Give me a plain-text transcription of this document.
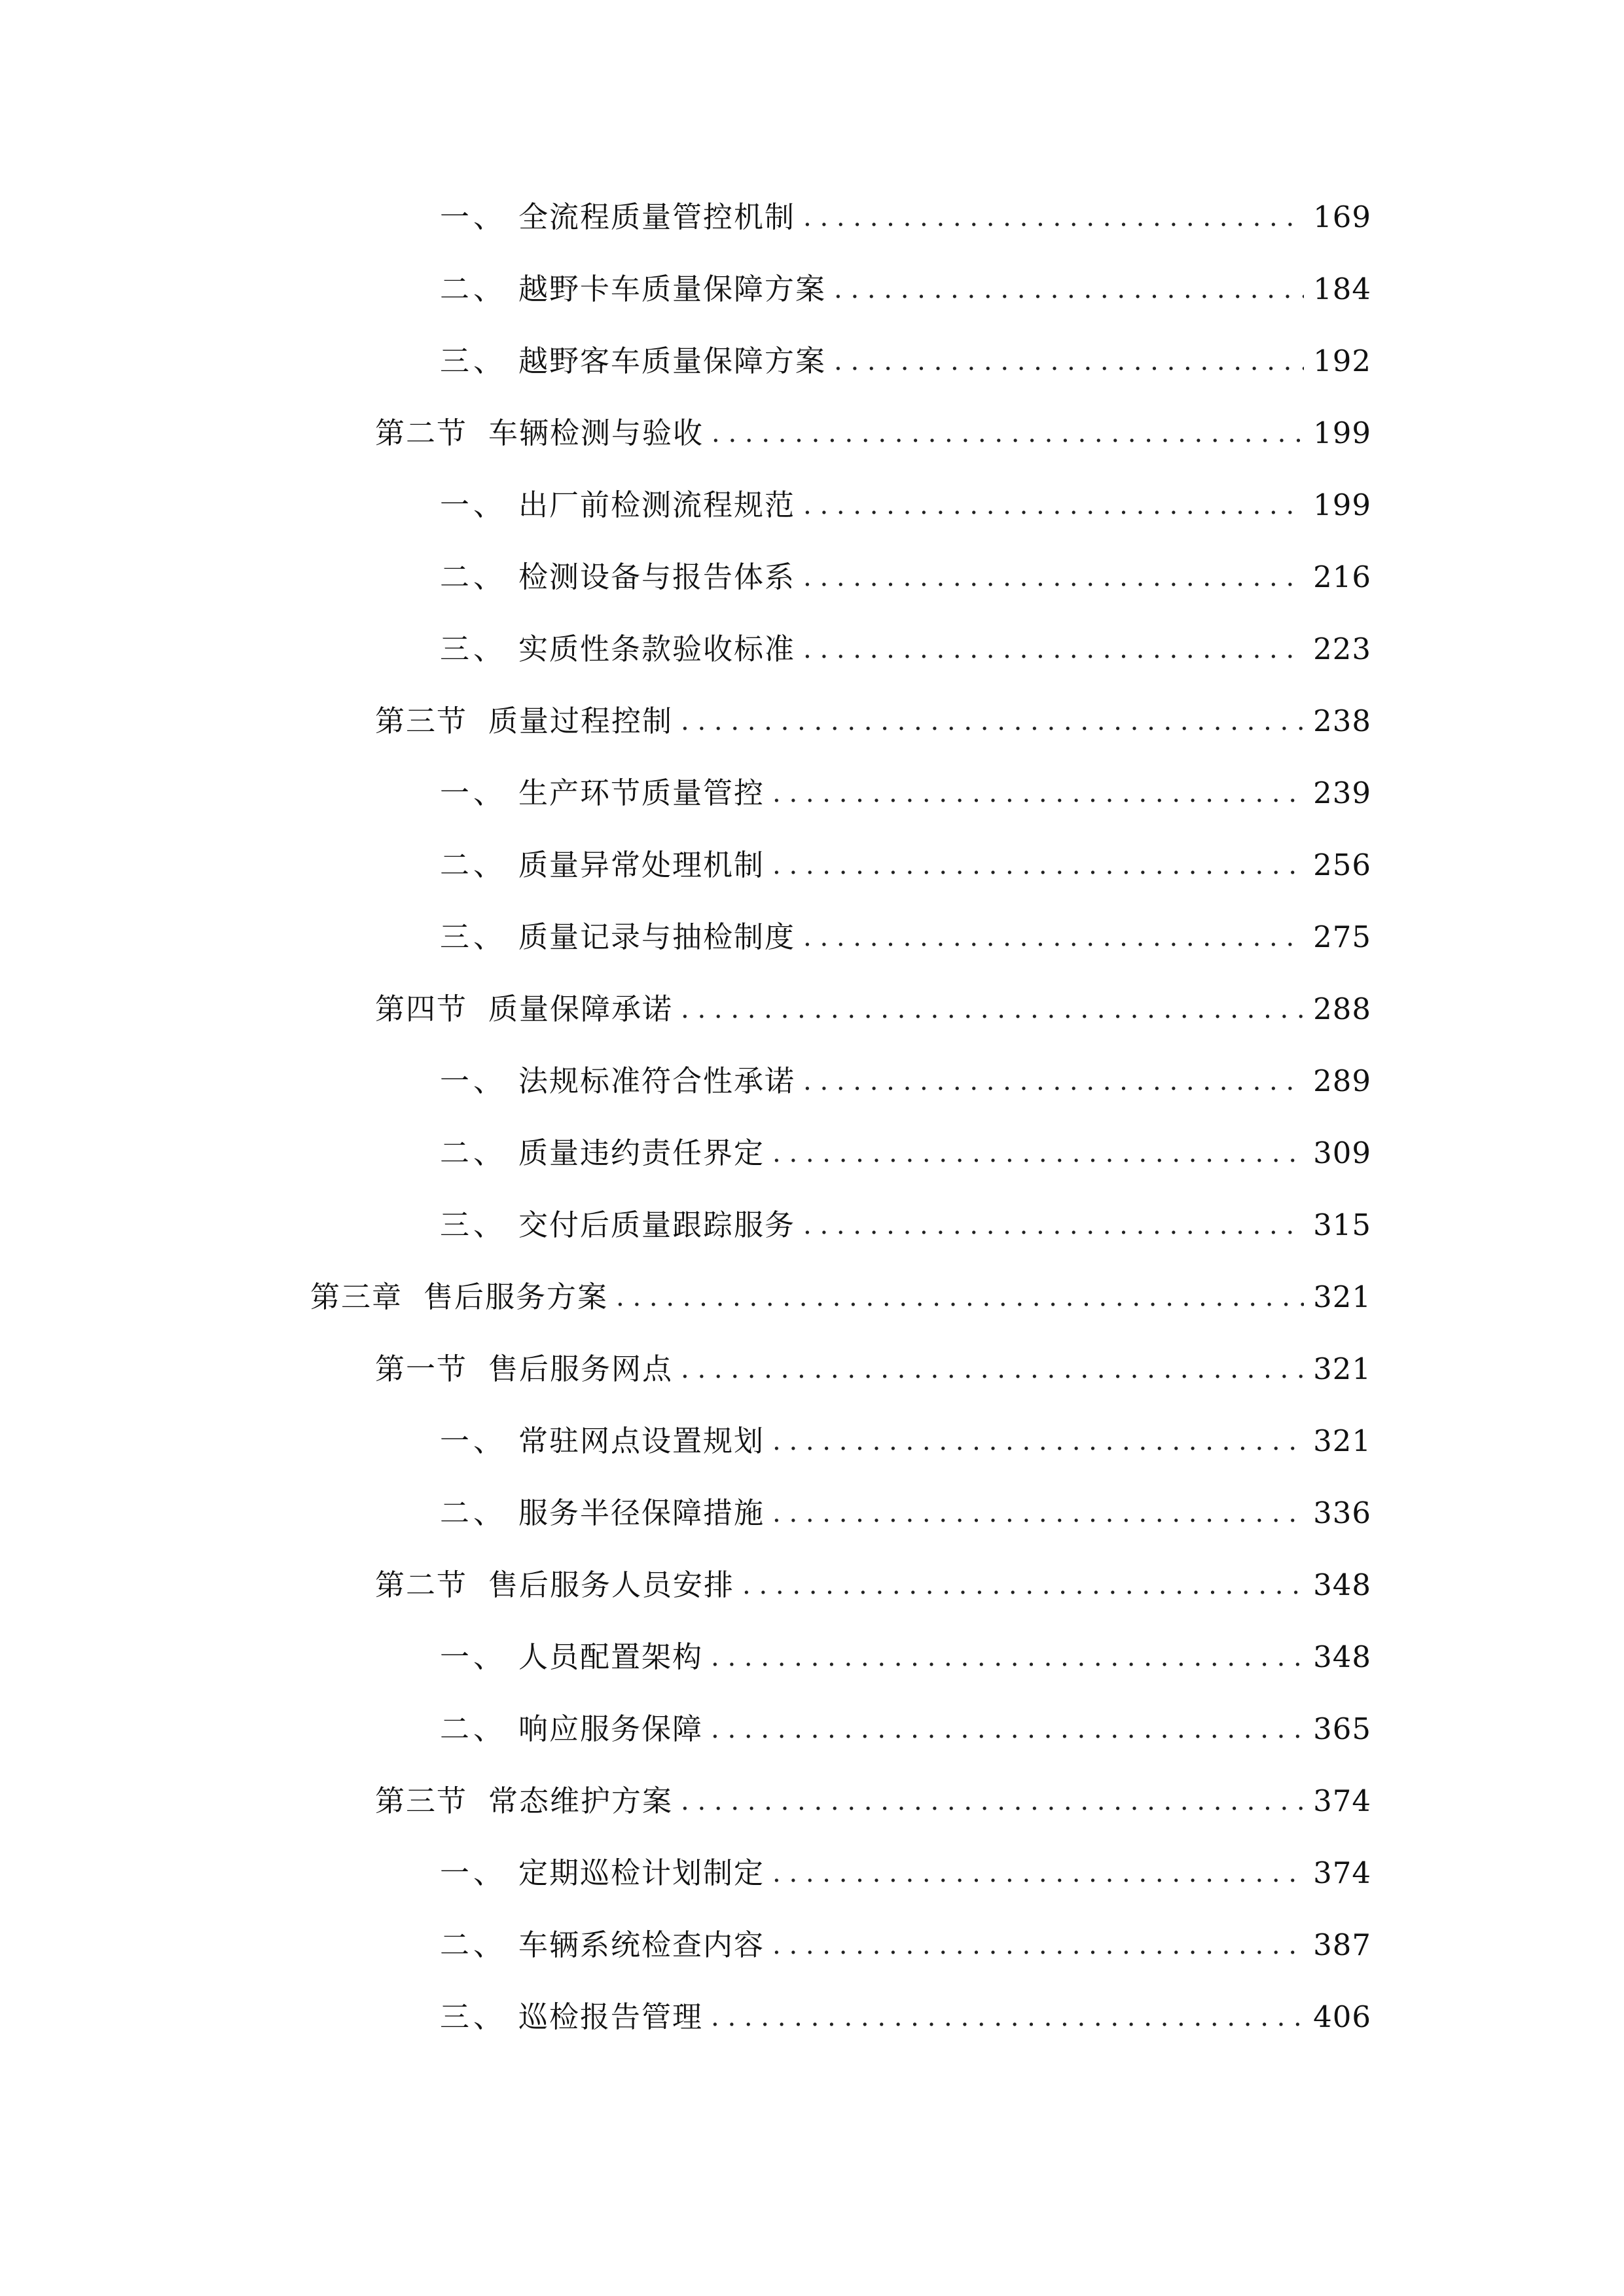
一、 全流程质量管控机制 . . .	169
二、 越野卡车质量保障方案 . . .	184
三、 越野客车质量保障方案 . . .	192
第二节 车辆检测与验收 . . .	199
一、 出厂前检测流程规范 . . .	199
二、 检测设备与报告体系 . . .	216
三、 实质性条款验收标准 . . .	223
第三节 质量过程控制 . . .	238
一、 生产环节质量管控 . . .	239
二、 质量异常处理机制 . . .	256
三、 质量记录与抽检制度 . . .	275
第四节 质量保障承诺 . . .	288
一、 法规标准符合性承诺 . . .	289
二、 质量违约责任界定 . . .	309
三、 交付后质量跟踪服务 . . .	315
第三章 售后服务方案 . . .	321
第一节 售后服务网点 . . .	321
一、 常驻网点设置规划 . . .	321
二、 服务半径保障措施 . . .	336
第二节 售后服务人员安排 . . .	348
一、 人员配置架构 . . .	348
二、 响应服务保障 . . .	365
第三节 常态维护方案 . . .	374
一、 定期巡检计划制定 . . .	374
二、 车辆系统检查内容 . . .	387
三、 巡检报告管理 . . .	406
